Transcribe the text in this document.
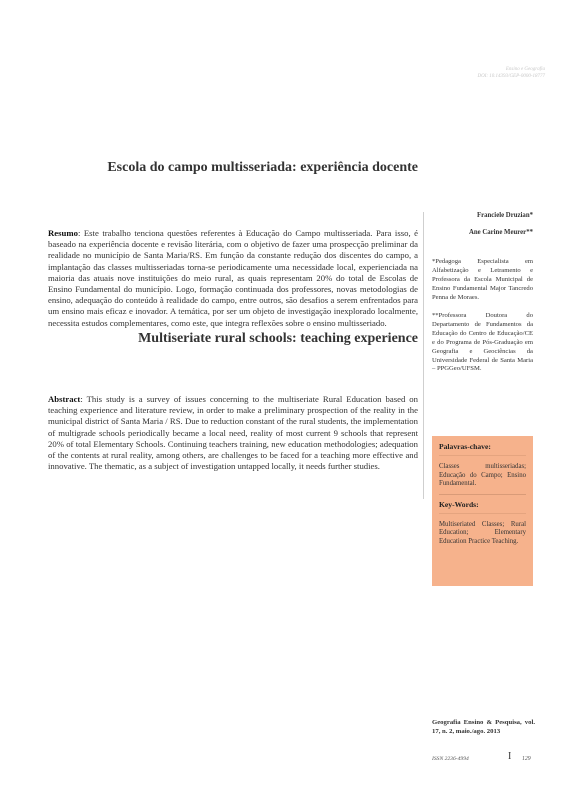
Ensino e Geografia
DOI: 10.14393/GEP-0000-18777
Escola do campo multisseriada: experiência docente

Resumo: Este trabalho tenciona questões referentes à Educação do Campo multisseriada. Para isso, é baseado na experiência docente e revisão literária, com o objetivo de fazer uma prospecção preliminar da realidade no município de Santa Maria/RS. Em função da constante redução dos discentes do campo, a implantação das classes multisseriadas torna-se periodicamente uma necessidade local, experienciada na maioria das atuais nove instituições do meio rural, as quais representam 20% do total de Escolas de Ensino Fundamental do município. Logo, formação continuada dos professores, novas metodologias de ensino, adequação do conteúdo à realidade do campo, entre outros, são desafios a serem enfrentados para um ensino mais eficaz e inovador. A temática, por ser um objeto de investigação inexplorado localmente, necessita estudos complementares, como este, que integra reflexões sobre o ensino multisseriado.

Multiseriate rural schools: teaching experience

Abstract: This study is a survey of issues concerning to the multiseriate Rural Education based on teaching experience and literature review, in order to make a preliminary prospection of the reality in the municipal district of Santa Maria / RS. Due to reduction constant of the rural students, the implementation of multigrade schools periodically became a local need, reality of most current 9 schools that represent 20% of total Elementary Schools. Continuing teachers training, new education methodologies; adequation of the contents at rural reality, among others, are challenges to be faced for a teaching more effective and innovative. The thematic, as a subject of investigation untapped locally, it needs further studies.

Franciele Druzian*
Ane Carine Meurer**
*Pedagoga Especialista em Alfabetização e Letramento e Professora da Escola Municipal de Ensino Fundamental Major Tancredo Penna de Moraes.
**Professora Doutora do Departamento de Fundamentos da Educação do Centro de Educação/CE e do Programa de Pós-Graduação em Geografia e Geociências da Universidade Federal de Santa Maria – PPGGeo/UFSM.
Palavras-chave:
Classes multisseriadas; Educação do Campo; Ensino Fundamental.
Key-Words:
Multiseriated Classes; Rural Education; Elementary Education Practice Teaching.
Geografia Ensino & Pesquisa, vol. 17, n. 2, maio./ago. 2013
ISSN 2236-4994	I 129
